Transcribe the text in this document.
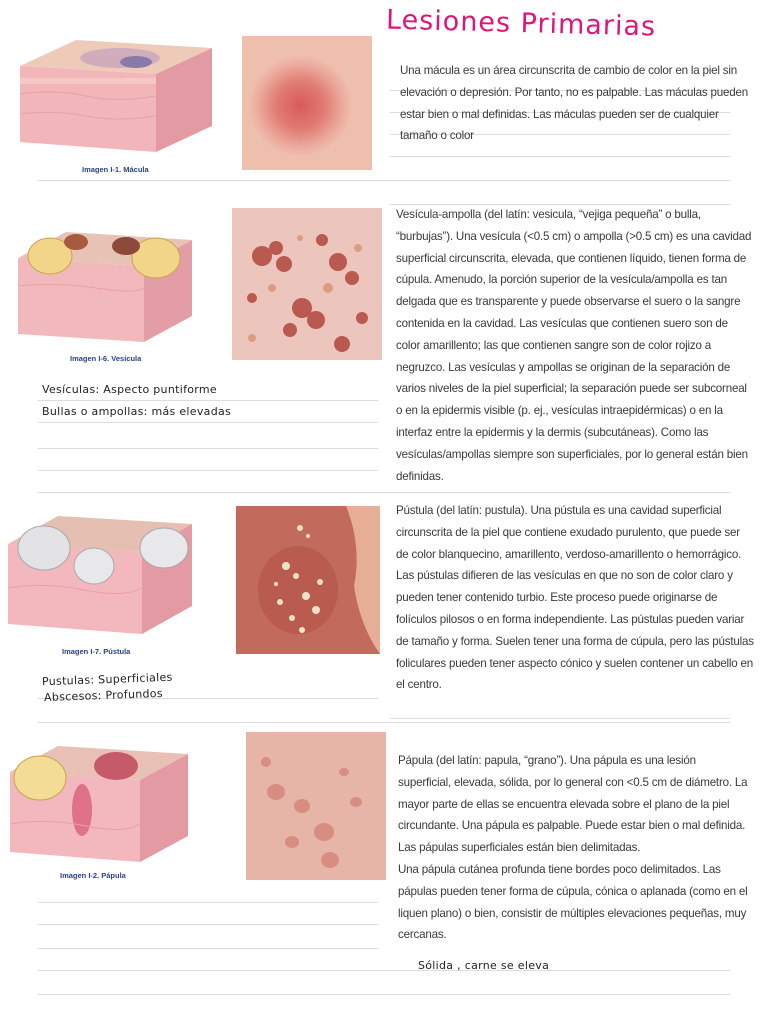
Lesiones Primarias
Imagen I-1. Mácula
Una mácula es un área circunscrita de cambio de color en la piel sin elevación o depresión. Por tanto, no es palpable. Las máculas pueden estar bien o mal definidas. Las máculas pueden ser de cualquier tamaño o color
Imagen I-6. Vesícula
Vesículas: Aspecto puntiforme
Bullas o ampollas: más elevadas
Vesícula-ampolla (del latín: vesicula, “vejiga pequeña” o bulla, “burbujas”). Una vesícula (<0.5 cm) o ampolla (>0.5 cm) es una cavidad superficial circunscrita, elevada, que contienen líquido, tienen forma de cúpula. Amenudo, la porción superior de la vesícula/ampolla es tan delgada que es transparente y puede observarse el suero o la sangre contenida en la cavidad. Las vesículas que contienen suero son de color amarillento; las que contienen sangre son de color rojizo a negruzco. Las vesículas y ampollas se originan de la separación de varios niveles de la piel superficial; la separación puede ser subcorneal o en la epidermis visible (p. ej., vesículas intraepidérmicas) o en la interfaz entre la epidermis y la dermis (subcutáneas). Como las vesículas/ampollas siempre son superficiales, por lo general están bien definidas.
Imagen I-7. Pústula
Pustulas: Superficiales
Abscesos: Profundos
Pústula (del latín: pustula). Una pústula es una cavidad superficial circunscrita de la piel que contiene exudado purulento, que puede ser de color blanquecino, amarillento, verdoso-amarillento o hemorrágico. Las pústulas difieren de las vesículas en que no son de color claro y pueden tener contenido turbio. Este proceso puede originarse de folículos pilosos o en forma independiente. Las pústulas pueden variar de tamaño y forma. Suelen tener una forma de cúpula, pero las pústulas foliculares pueden tener aspecto cónico y suelen contener un cabello en el centro.
Imagen I-2. Pápula
Pápula (del latín: papula, “grano”). Una pápula es una lesión superficial, elevada, sólida, por lo general con <0.5 cm de diámetro. La mayor parte de ellas se encuentra elevada sobre el plano de la piel circundante. Una pápula es palpable. Puede estar bien o mal definida. Las pápulas superficiales están bien delimitadas.
Una pápula cutánea profunda tiene bordes poco delimitados. Las pápulas pueden tener forma de cúpula, cónica o aplanada (como en el liquen plano) o bien, consistir de múltiples elevaciones pequeñas, muy cercanas.
Sólida , carne se eleva
